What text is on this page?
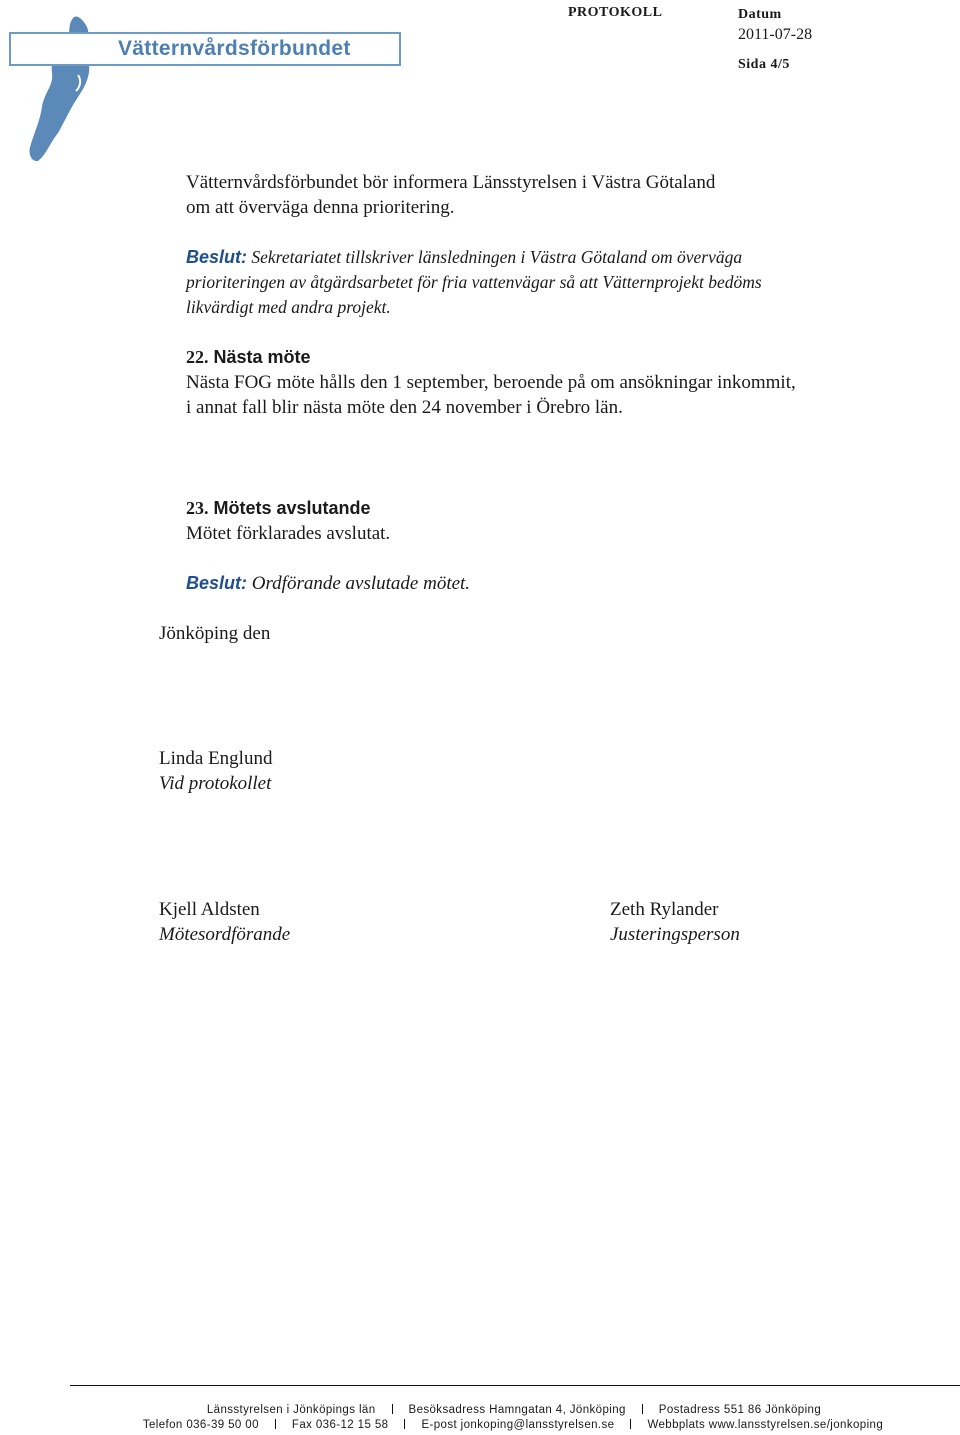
Vätternvårdsförbundet
PROTOKOLL	Datum
2011-07-28
Sida 4/5
Vätternvårdsförbundet bör informera Länsstyrelsen i Västra Götaland om att överväga denna prioritering.
Beslut: Sekretariatet tillskriver länsledningen i Västra Götaland om överväga prioriteringen av åtgärdsarbetet för fria vattenvägar så att Vätternprojekt bedöms likvärdigt med andra projekt.
22. Nästa möte
Nästa FOG möte hålls den 1 september, beroende på om ansökningar inkommit, i annat fall blir nästa möte den 24 november i Örebro län.
23. Mötets avslutande
Mötet förklarades avslutat.
Beslut: Ordförande avslutade mötet.
Jönköping den
Linda Englund
Vid protokollet
Kjell Aldsten
Mötesordförande
Zeth Rylander
Justeringsperson
Länsstyrelsen i Jönköpings län	Besöksadress Hamngatan 4, Jönköping	Postadress 551 86 Jönköping
Telefon 036-39 50 00	Fax 036-12 15 58	E-post jonkoping@lansstyrelsen.se	Webbplats www.lansstyrelsen.se/jonkoping
